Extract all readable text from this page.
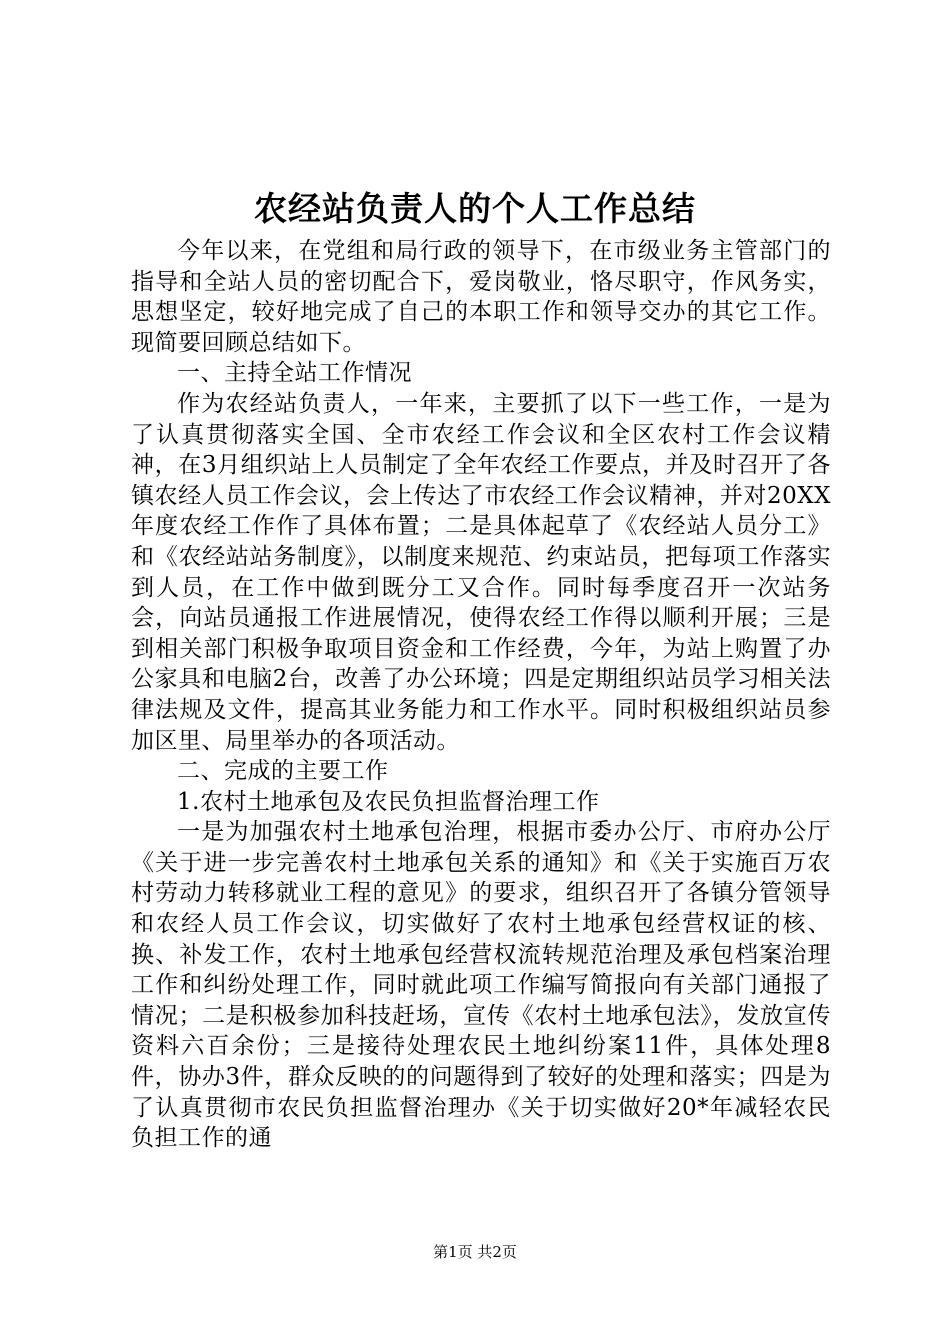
农经站负责人的个人工作总结

今年以来，在党组和局行政的领导下，在市级业务主管部门的指导和全站人员的密切配合下，爱岗敬业，恪尽职守，作风务实，思想坚定，较好地完成了自己的本职工作和领导交办的其它工作。现简要回顾总结如下。

一、主持全站工作情况

作为农经站负责人，一年来，主要抓了以下一些工作，一是为了认真贯彻落实全国、全市农经工作会议和全区农村工作会议精神，在3月组织站上人员制定了全年农经工作要点，并及时召开了各镇农经人员工作会议，会上传达了市农经工作会议精神，并对20XX年度农经工作作了具体布置；二是具体起草了《农经站人员分工》和《农经站站务制度》，以制度来规范、约束站员，把每项工作落实到人员，在工作中做到既分工又合作。同时每季度召开一次站务会，向站员通报工作进展情况，使得农经工作得以顺利开展；三是到相关部门积极争取项目资金和工作经费，今年，为站上购置了办公家具和电脑2台，改善了办公环境；四是定期组织站员学习相关法律法规及文件，提高其业务能力和工作水平。同时积极组织站员参加区里、局里举办的各项活动。

二、完成的主要工作

1.农村土地承包及农民负担监督治理工作

一是为加强农村土地承包治理，根据市委办公厅、市府办公厅《关于进一步完善农村土地承包关系的通知》和《关于实施百万农村劳动力转移就业工程的意见》的要求，组织召开了各镇分管领导和农经人员工作会议，切实做好了农村土地承包经营权证的核、换、补发工作，农村土地承包经营权流转规范治理及承包档案治理工作和纠纷处理工作，同时就此项工作编写简报向有关部门通报了情况；二是积极参加科技赶场，宣传《农村土地承包法》，发放宣传资料六百余份；三是接待处理农民土地纠纷案11件，具体处理8件，协办3件，群众反映的的问题得到了较好的处理和落实；四是为了认真贯彻市农民负担监督治理办《关于切实做好20*年减轻农民负担工作的通

第1页 共2页
